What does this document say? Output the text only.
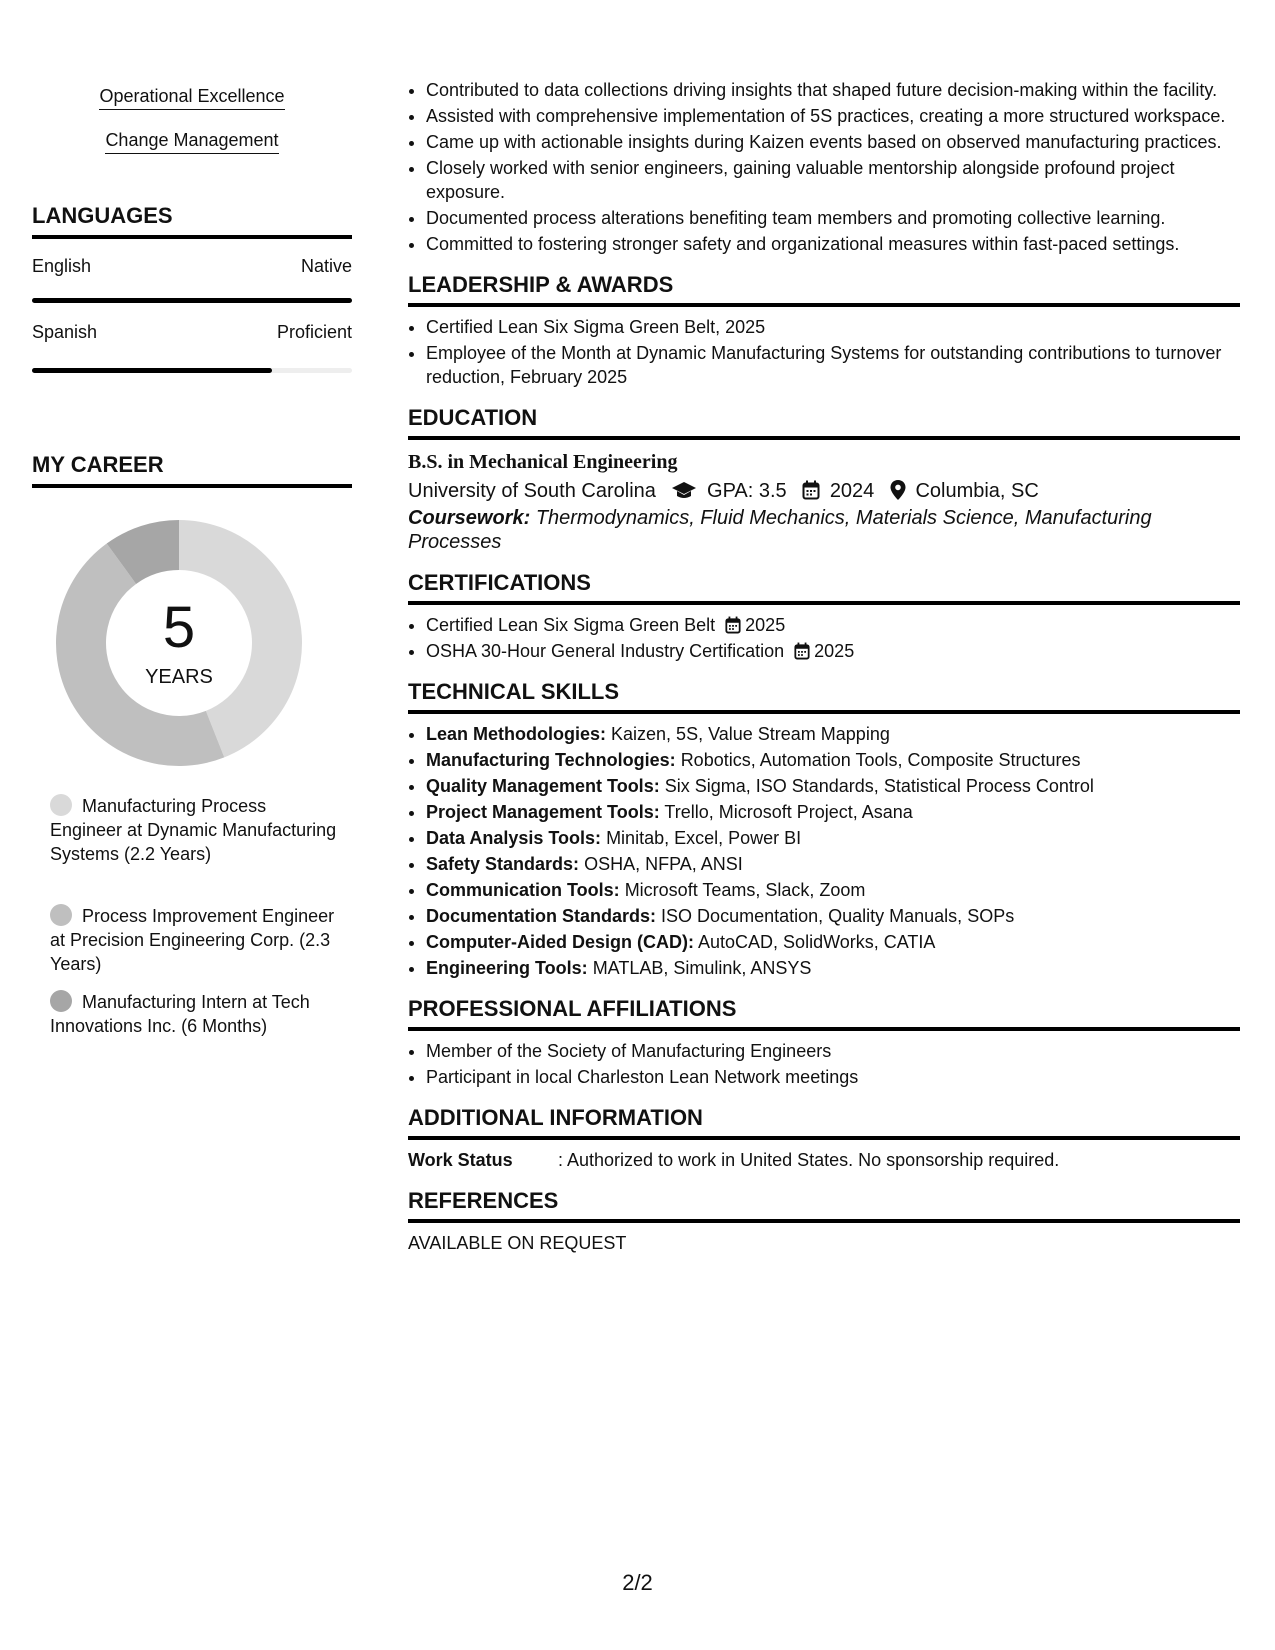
Operational Excellence
Change Management
LANGUAGES
English	Native
Spanish	Proficient
MY CAREER
5
YEARS
Manufacturing Process Engineer at Dynamic Manufacturing Systems (2.2 Years)
Process Improvement Engineer at Precision Engineering Corp. (2.3 Years)
Manufacturing Intern at Tech Innovations Inc. (6 Months)
• Contributed to data collections driving insights that shaped future decision-making within the facility.
• Assisted with comprehensive implementation of 5S practices, creating a more structured workspace.
• Came up with actionable insights during Kaizen events based on observed manufacturing practices.
• Closely worked with senior engineers, gaining valuable mentorship alongside profound project exposure.
• Documented process alterations benefiting team members and promoting collective learning.
• Committed to fostering stronger safety and organizational measures within fast-paced settings.
LEADERSHIP & AWARDS
• Certified Lean Six Sigma Green Belt, 2025
• Employee of the Month at Dynamic Manufacturing Systems for outstanding contributions to turnover reduction, February 2025
EDUCATION
B.S. in Mechanical Engineering
University of South Carolina	GPA: 3.5 2024 Columbia, SC
Coursework: Thermodynamics, Fluid Mechanics, Materials Science, Manufacturing Processes
CERTIFICATIONS
• Certified Lean Six Sigma Green Belt 2025
• OSHA 30-Hour General Industry Certification 2025
TECHNICAL SKILLS
• Lean Methodologies: Kaizen, 5S, Value Stream Mapping
• Manufacturing Technologies: Robotics, Automation Tools, Composite Structures
• Quality Management Tools: Six Sigma, ISO Standards, Statistical Process Control
• Project Management Tools: Trello, Microsoft Project, Asana
• Data Analysis Tools: Minitab, Excel, Power BI
• Safety Standards: OSHA, NFPA, ANSI
• Communication Tools: Microsoft Teams, Slack, Zoom
• Documentation Standards: ISO Documentation, Quality Manuals, SOPs
• Computer-Aided Design (CAD): AutoCAD, SolidWorks, CATIA
• Engineering Tools: MATLAB, Simulink, ANSYS
PROFESSIONAL AFFILIATIONS
• Member of the Society of Manufacturing Engineers
• Participant in local Charleston Lean Network meetings
ADDITIONAL INFORMATION
Work Status	: Authorized to work in United States. No sponsorship required.
REFERENCES
AVAILABLE ON REQUEST
2/2
